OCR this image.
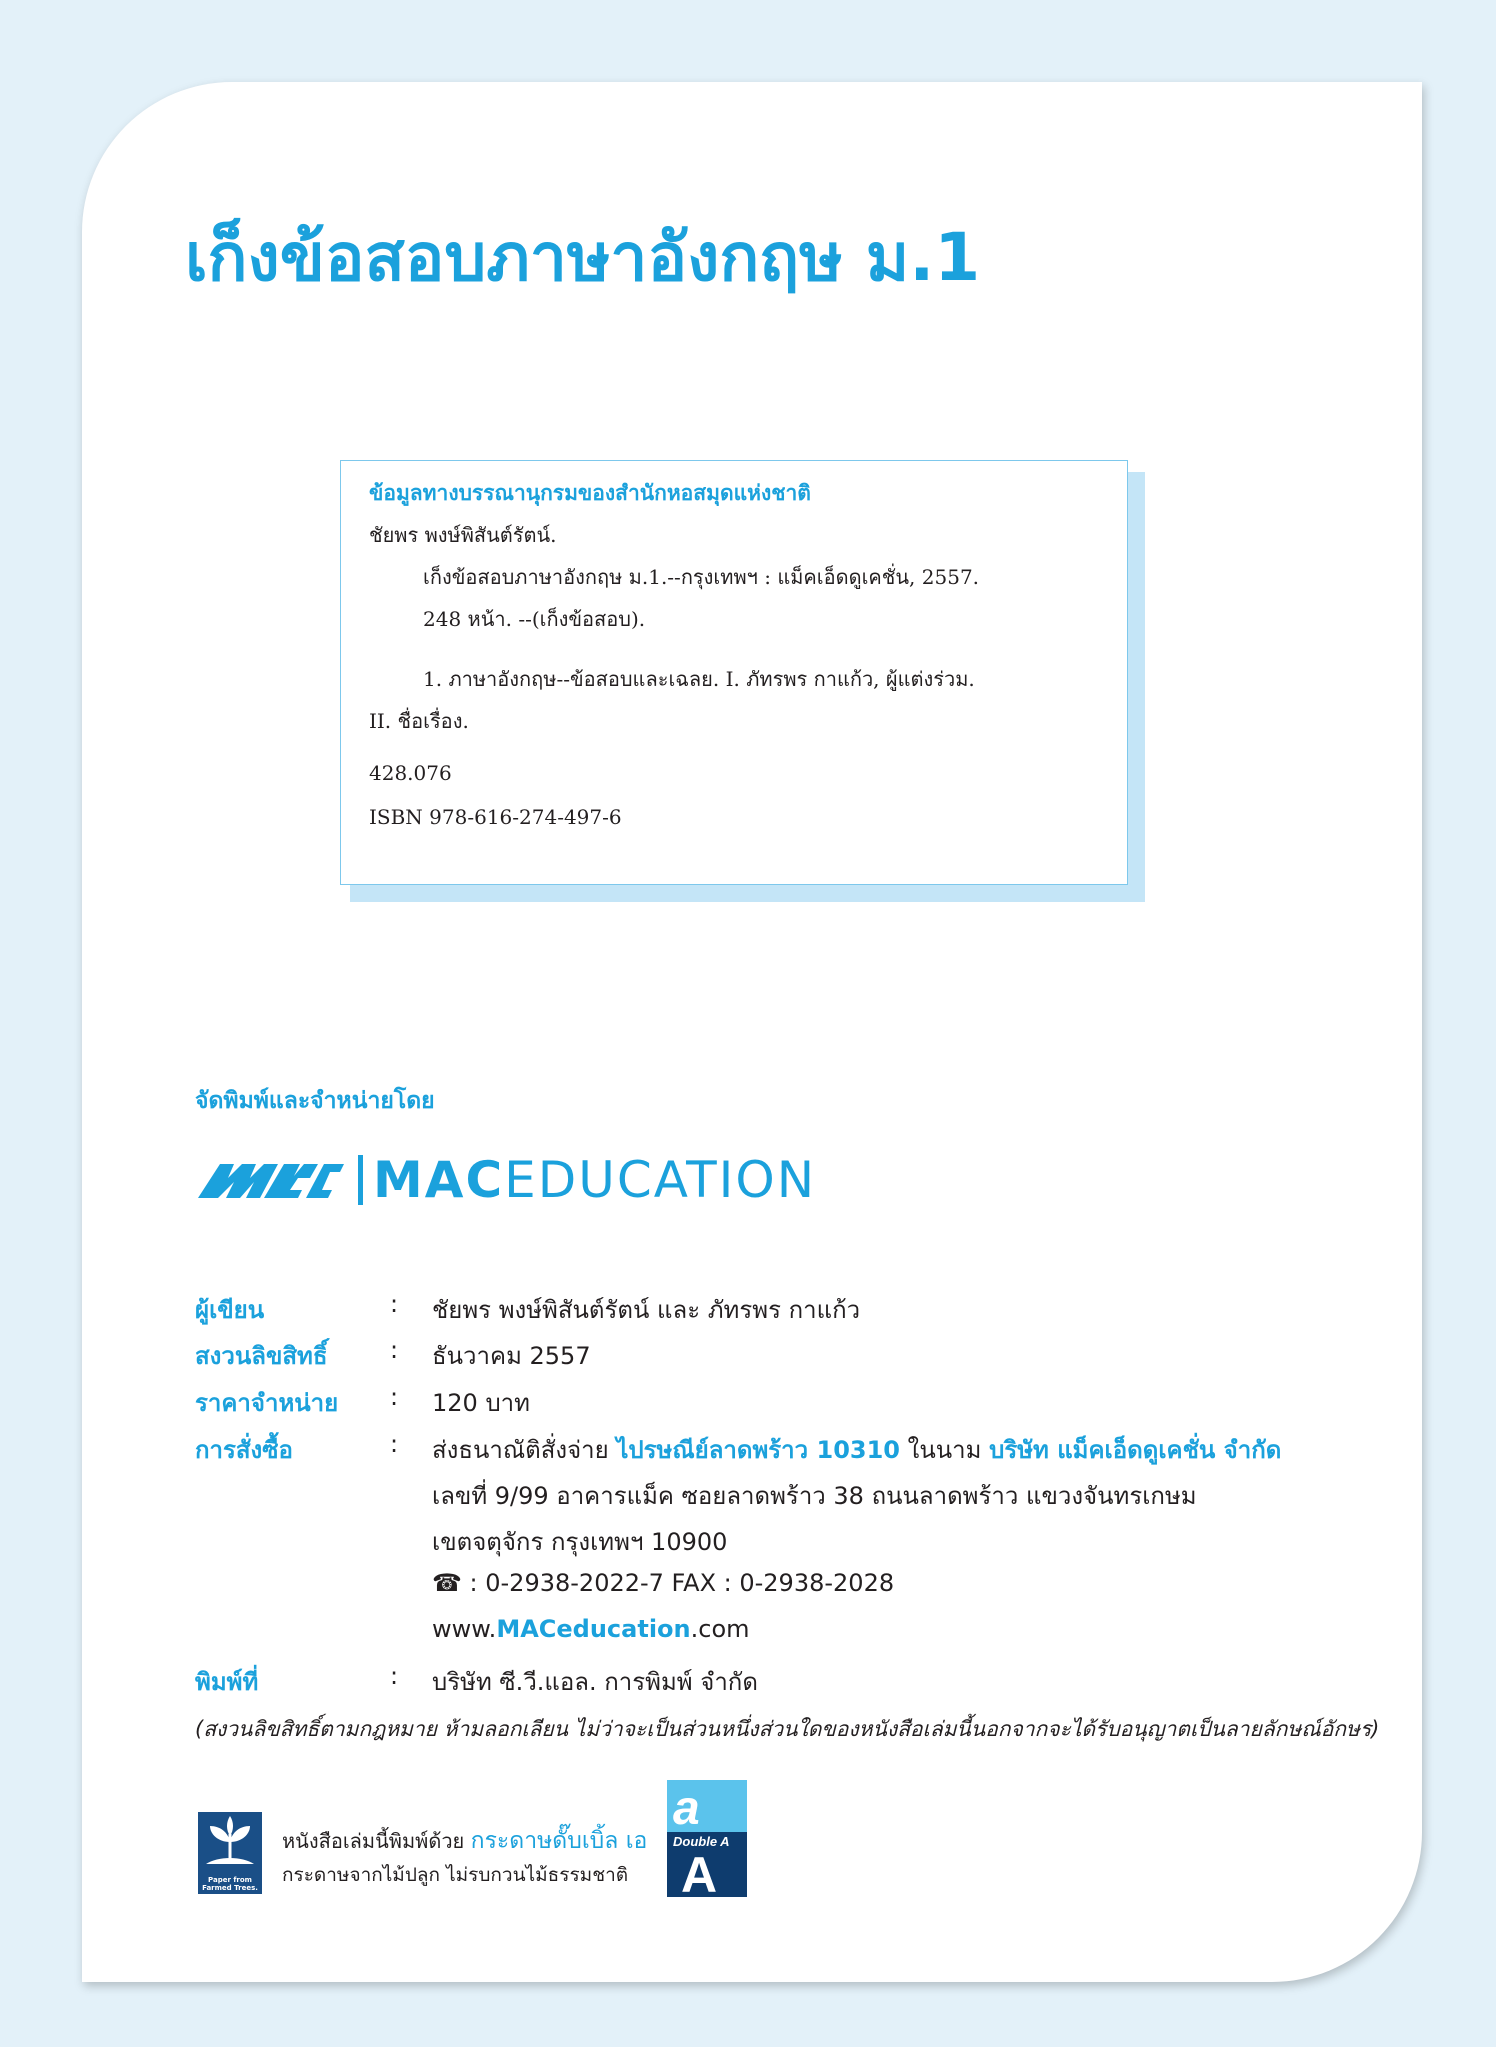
เก็งข้อสอบภาษาอังกฤษ ม.1
ข้อมูลทางบรรณานุกรมของสำนักหอสมุดแห่งชาติ
ชัยพร พงษ์พิสันต์รัตน์.
เก็งข้อสอบภาษาอังกฤษ ม.1.--กรุงเทพฯ : แม็คเอ็ดดูเคชั่น, 2557.
248 หน้า. --(เก็งข้อสอบ).
1. ภาษาอังกฤษ--ข้อสอบและเฉลย. I. ภัทรพร กาแก้ว, ผู้แต่งร่วม.
II. ชื่อเรื่อง.
428.076
ISBN 978-616-274-497-6
จัดพิมพ์และจำหน่ายโดย
MAC EDUCATION
ผู้เขียน	: ชัยพร พงษ์พิสันต์รัตน์ และ ภัทรพร กาแก้ว
สงวนลิขสิทธิ์	: ธันวาคม 2557
ราคาจำหน่าย : 120 บาท
การสั่งซื้อ	: ส่งธนาณัติสั่งจ่าย ไปรษณีย์ลาดพร้าว 10310 ในนาม บริษัท แม็คเอ็ดดูเคชั่น จำกัด
เลขที่ 9/99 อาคารแม็ค ซอยลาดพร้าว 38 ถนนลาดพร้าว แขวงจันทรเกษม
เขตจตุจักร กรุงเทพฯ 10900
☎ : 0-2938-2022-7 FAX : 0-2938-2028
www.MACeducation.com
พิมพ์ที่	: บริษัท ซี.วี.แอล. การพิมพ์ จำกัด
(สงวนลิขสิทธิ์ตามกฎหมาย ห้ามลอกเลียน ไม่ว่าจะเป็นส่วนหนึ่งส่วนใดของหนังสือเล่มนี้นอกจากจะได้รับอนุญาตเป็นลายลักษณ์อักษร)
Paper from Farmed Trees.
หนังสือเล่มนี้พิมพ์ด้วย กระดาษดั๊บเบิ้ล เอ
กระดาษจากไม้ปลูก ไม่รบกวนไม้ธรรมชาติ
a
Double A
A
